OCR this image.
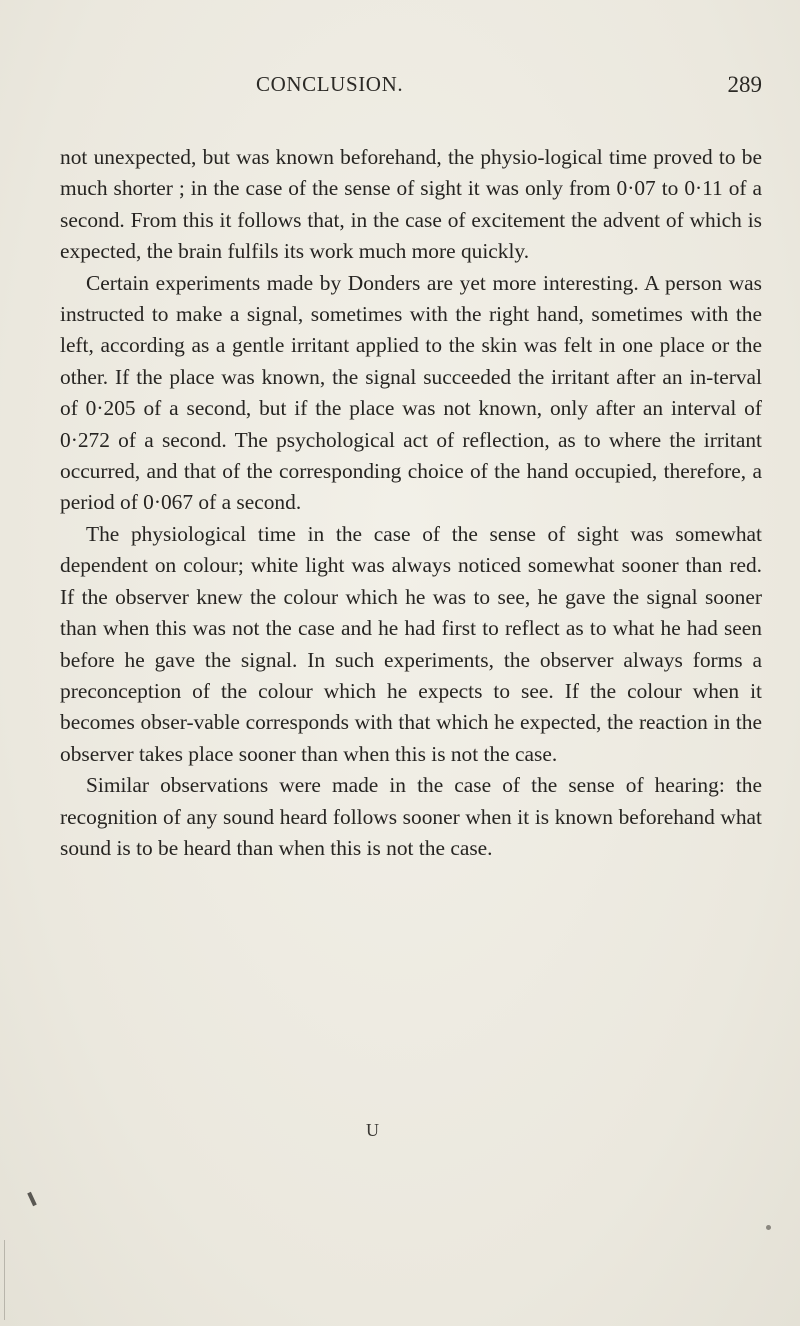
CONCLUSION.	289

not unexpected, but was known beforehand, the physio-logical time proved to be much shorter ; in the case of the sense of sight it was only from 0·07 to 0·11 of a second. From this it follows that, in the case of excitement the advent of which is expected, the brain fulfils its work much more quickly.

Certain experiments made by Donders are yet more interesting. A person was instructed to make a signal, sometimes with the right hand, sometimes with the left, according as a gentle irritant applied to the skin was felt in one place or the other. If the place was known, the signal succeeded the irritant after an in-terval of 0·205 of a second, but if the place was not known, only after an interval of 0·272 of a second. The psychological act of reflection, as to where the irritant occurred, and that of the corresponding choice of the hand occupied, therefore, a period of 0·067 of a second.

The physiological time in the case of the sense of sight was somewhat dependent on colour; white light was always noticed somewhat sooner than red. If the observer knew the colour which he was to see, he gave the signal sooner than when this was not the case and he had first to reflect as to what he had seen before he gave the signal. In such experiments, the observer always forms a preconception of the colour which he expects to see. If the colour when it becomes obser-vable corresponds with that which he expected, the reaction in the observer takes place sooner than when this is not the case.

Similar observations were made in the case of the sense of hearing: the recognition of any sound heard follows sooner when it is known beforehand what sound is to be heard than when this is not the case.

U
